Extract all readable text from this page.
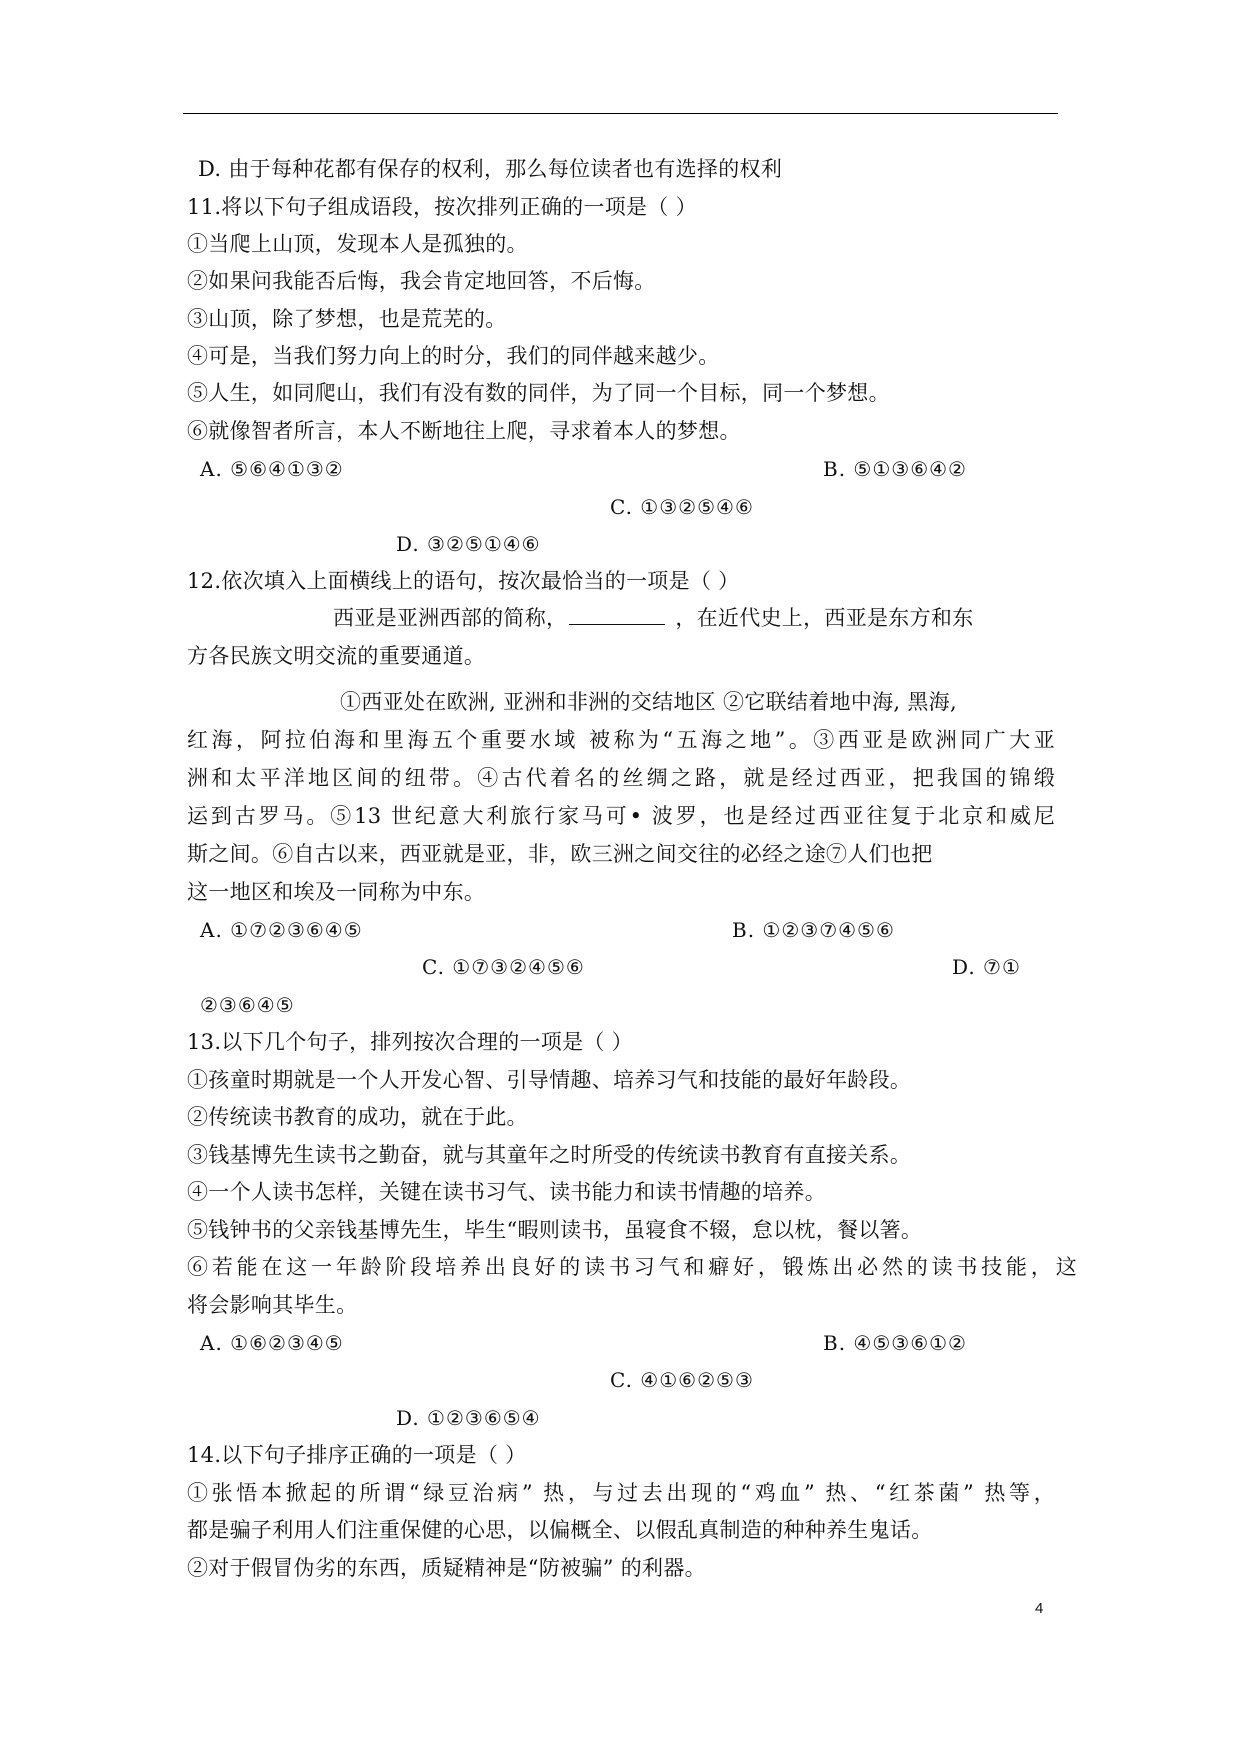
D. 由于每种花都有保存的权利，那么每位读者也有选择的权利
11.将以下句子组成语段，按次排列正确的一项是（ ）
①当爬上山顶，发现本人是孤独的。
②如果问我能否后悔，我会肯定地回答，不后悔。
③山顶，除了梦想，也是荒芜的。
④可是，当我们努力向上的时分，我们的同伴越来越少。
⑤人生，如同爬山，我们有没有数的同伴，为了同一个目标，同一个梦想。
⑥就像智者所言，本人不断地往上爬，寻求着本人的梦想。
A. ⑤⑥④①③②	B. ⑤①③⑥④②
C. ①③②⑤④⑥
D. ③②⑤①④⑥
12.依次填入上面横线上的语句，按次最恰当的一项是（ ）
西亚是亚洲西部的简称，	，在近代史上，西亚是东方和东
方各民族文明交流的重要通道。
①西亚处在欧洲, 亚洲和非洲的交结地区 ②它联结着地中海, 黑海,
红海，阿拉伯海和里海五个重要水域 被称为“五海之地”。③西亚是欧洲同广大亚
洲和太平洋地区间的纽带。④古代着名的丝绸之路，就是经过西亚，把我国的锦缎
运到古罗马。⑤13 世纪意大利旅行家马可• 波罗，也是经过西亚往复于北京和威尼
斯之间。⑥自古以来，西亚就是亚，非，欧三洲之间交往的必经之途⑦人们也把
这一地区和埃及一同称为中东。
A. ①⑦②③⑥④⑤	B. ①②③⑦④⑤⑥
C. ①⑦③②④⑤⑥	D. ⑦①
②③⑥④⑤
13.以下几个句子，排列按次合理的一项是（ ）
①孩童时期就是一个人开发心智、引导情趣、培养习气和技能的最好年龄段。
②传统读书教育的成功，就在于此。
③钱基博先生读书之勤奋，就与其童年之时所受的传统读书教育有直接关系。
④一个人读书怎样，关键在读书习气、读书能力和读书情趣的培养。
⑤钱钟书的父亲钱基博先生，毕生“暇则读书，虽寝食不辍，怠以枕，餐以箸。
⑥若能在这一年龄阶段培养出良好的读书习气和癖好，锻炼出必然的读书技能，这
将会影响其毕生。
A. ①⑥②③④⑤	B. ④⑤③⑥①②
C. ④①⑥②⑤③
D. ①②③⑥⑤④
14.以下句子排序正确的一项是（ ）
①张悟本掀起的所谓“绿豆治病” 热，与过去出现的“鸡血” 热、“红茶菌” 热等，
都是骗子利用人们注重保健的心思，以偏概全、以假乱真制造的种种养生鬼话。
②对于假冒伪劣的东西，质疑精神是“防被骗” 的利器。
4
